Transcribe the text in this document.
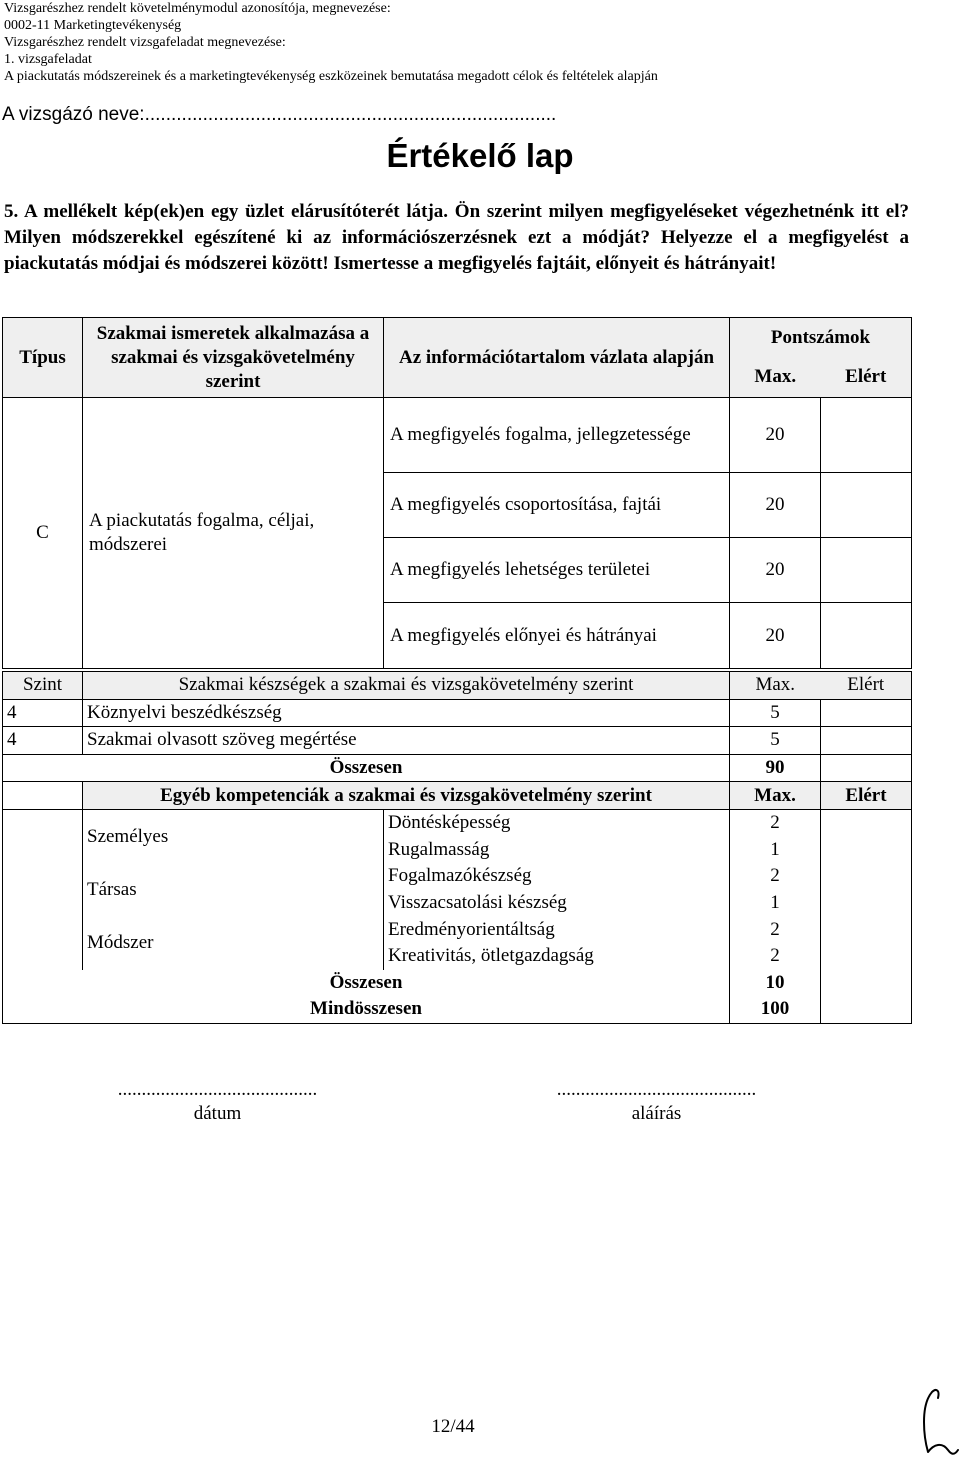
Vizsgarészhez rendelt követelménymodul azonosítója, megnevezése:
0002-11 Marketingtevékenység
Vizsgarészhez rendelt vizsgafeladat megnevezése:
1. vizsgafeladat
A piackutatás módszereinek és a marketingtevékenység eszközeinek bemutatása megadott célok és feltételek alapján
A vizsgázó neve:..............................................................................
Értékelő lap
5. A mellékelt kép(ek)en egy üzlet elárusítóterét látja. Ön szerint milyen megfigyeléseket végezhetnénk itt el? Milyen módszerekkel egészítené ki az információszerzésnek ezt a módját? Helyezze el a megfigyelést a piackutatás módjai és módszerei között! Ismertesse a megfigyelés fajtáit, előnyeit és hátrányait!
Típus	Szakmai ismeretek alkalmazása a szakmai és vizsgakövetelmény szerint	Az információtartalom vázlata alapján	Pontszámok	
			Max.	Elért
C	A piackutatás fogalma, céljai, módszerei	A megfigyelés fogalma, jellegzetessége	20	
		A megfigyelés csoportosítása, fajtái	20	
		A megfigyelés lehetséges területei	20	
		A megfigyelés előnyei és hátrányai	20	
Szint	Szakmai készségek a szakmai és vizsgakövetelmény szerint		Max.	Elért
4	Köznyelvi beszédkészség		5	
4	Szakmai olvasott szöveg megértése		5	
Összesen			90	
	Egyéb kompetenciák a szakmai és vizsgakövetelmény szerint		Max.	Elért
	Személyes	Döntésképesség	2	
		Rugalmasság	1	
	Társas	Fogalmazókészség	2	
		Visszacsatolási készség	1	
	Módszer	Eredményorientáltság	2	
		Kreativitás, ötletgazdagság	2	
Összesen			10	
Mindösszesen			100	
..........................................
dátum
..........................................
aláírás
12/44
